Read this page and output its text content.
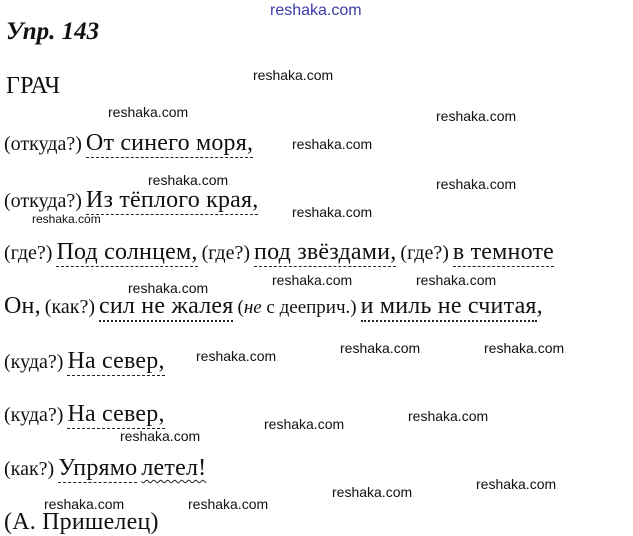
reshaka.com
Упр. 143
ГРАЧ
(откуда?) От синего моря,
(откуда?) Из тёплого края,
(где?) Под солнцем, (где?) под звёздами, (где?) в темноте
Он, (как?) сил не жалея (не с дееприч.) и миль не считая,
(куда?) На север,
(куда?) На север,
(как?) Упрямо летел!
(А. Пришелец)
reshaka.com
reshaka.com	reshaka.com
reshaka.com
reshaka.com	reshaka.com
reshaka.com
reshaka.com
reshaka.com	reshaka.com
reshaka.com
reshaka.com	reshaka.com
reshaka.com
reshaka.com
reshaka.com
reshaka.com
reshaka.com
reshaka.com
reshaka.com	reshaka.com
